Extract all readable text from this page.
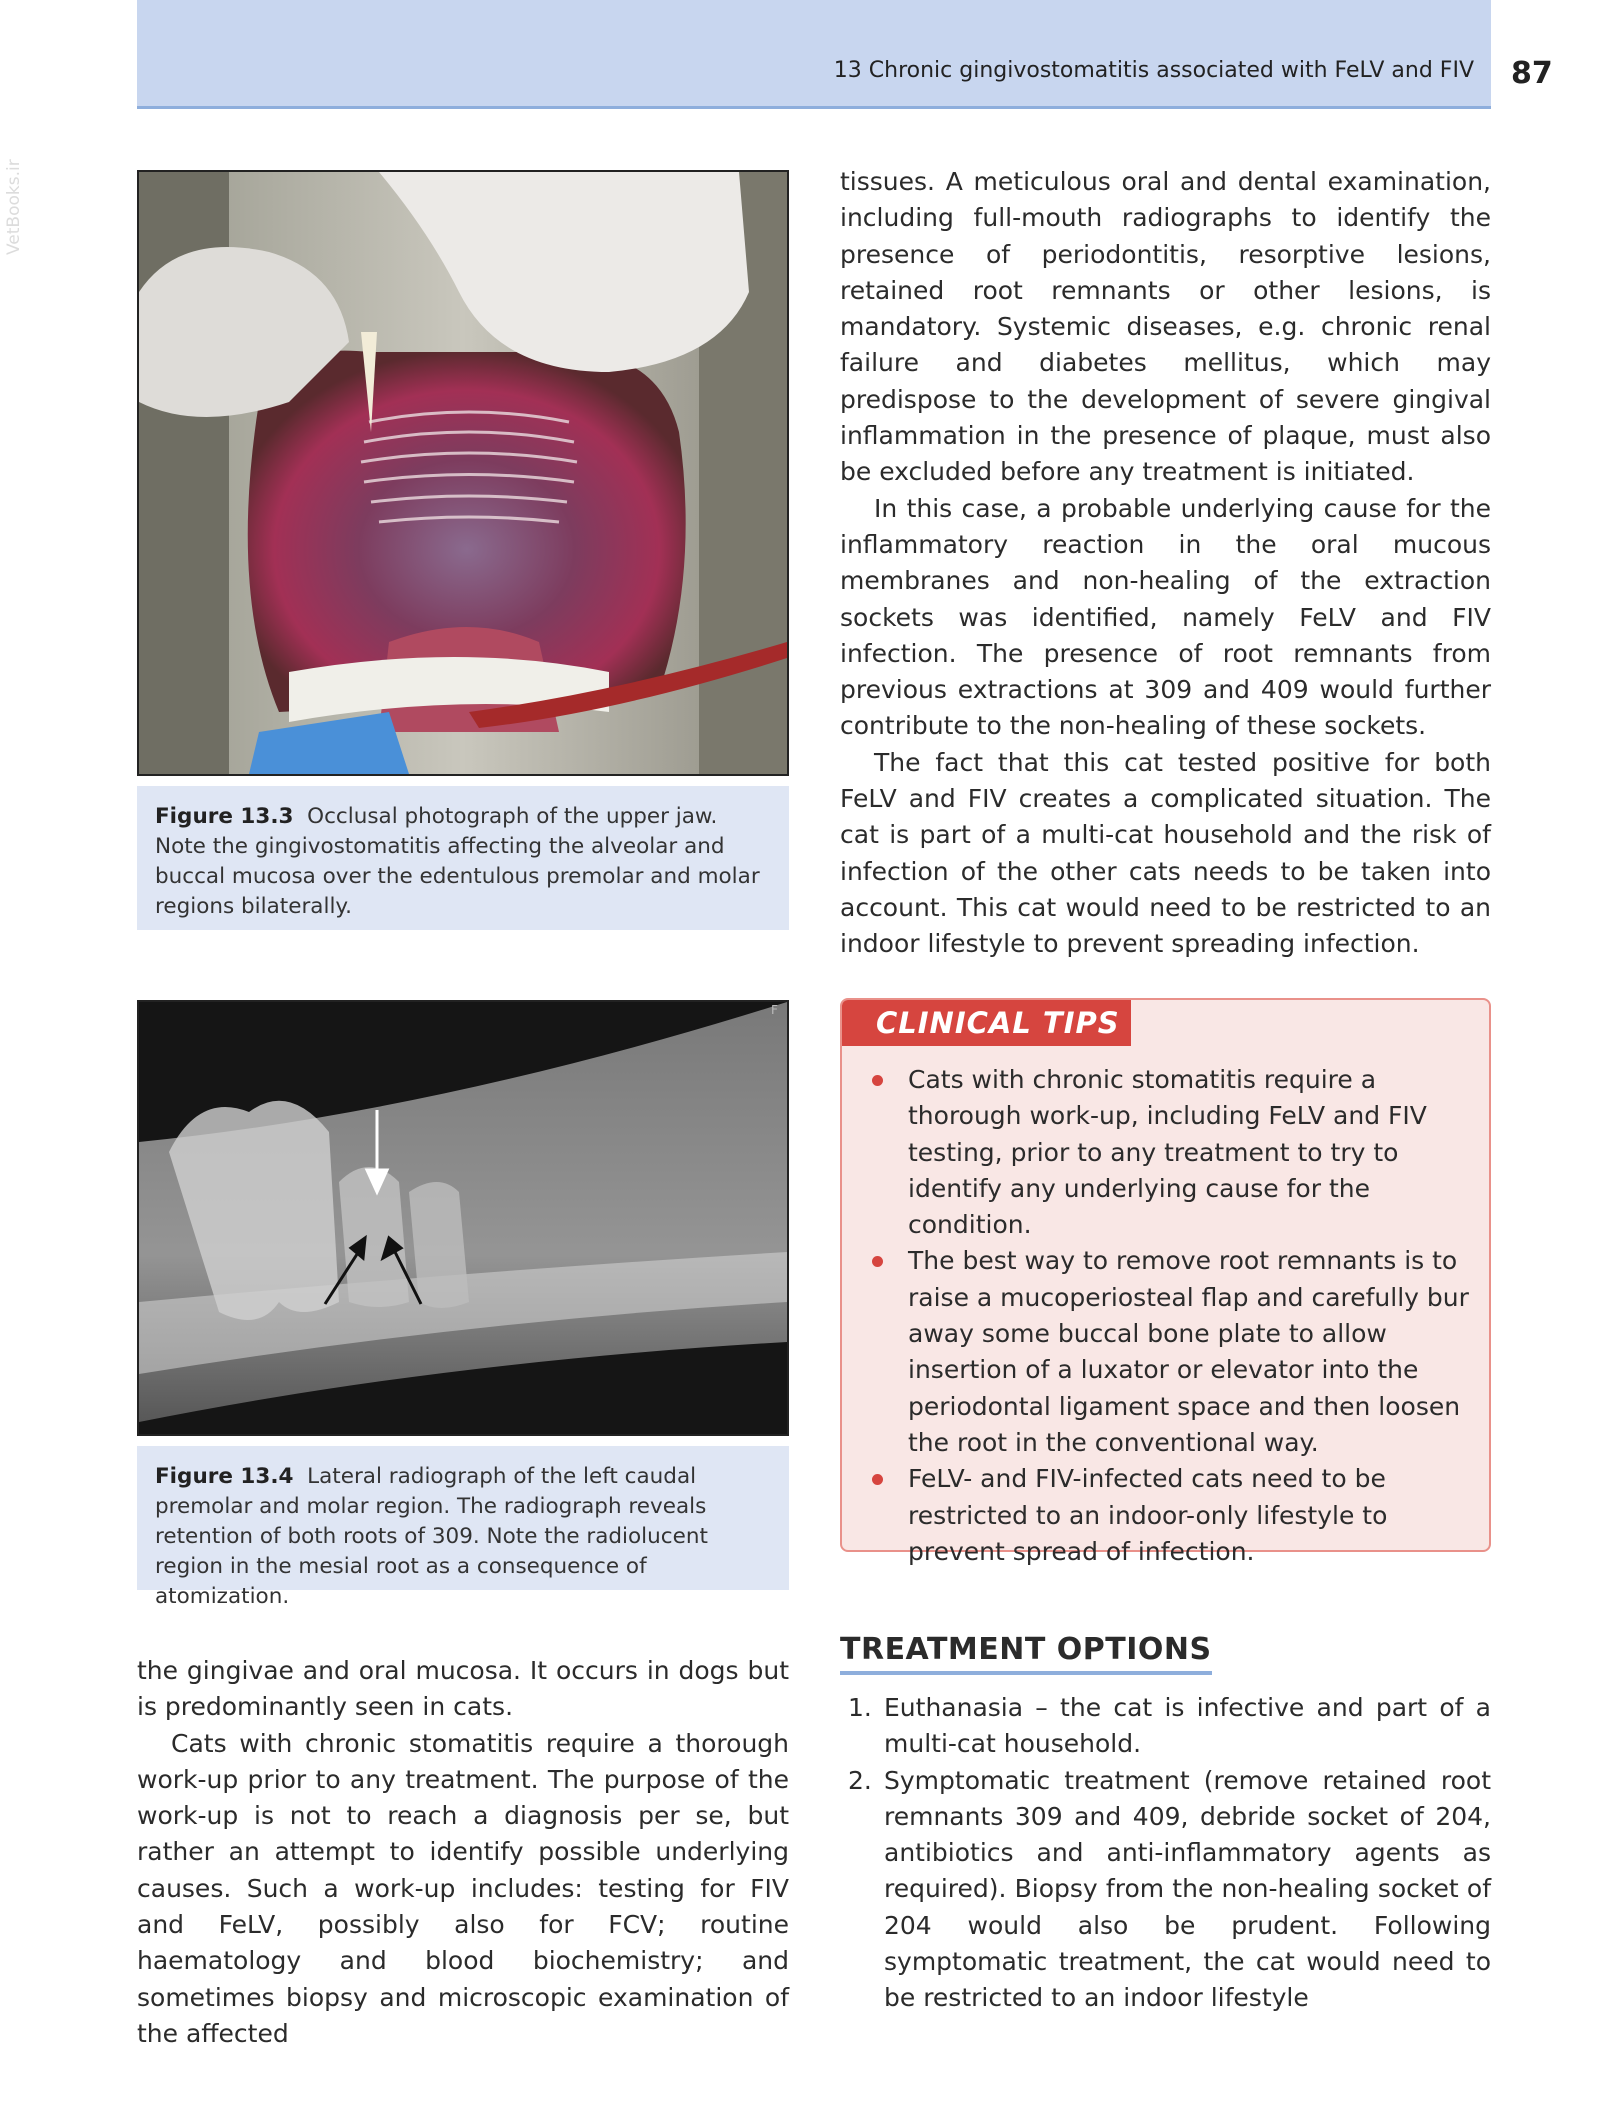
13 Chronic gingivostomatitis associated with FeLV and FIV 87
VetBooks.ir
Figure 13.3 Occlusal photograph of the upper jaw. Note the gingivostomatitis affecting the alveolar and buccal mucosa over the edentulous premolar and molar regions bilaterally.
F
Figure 13.4 Lateral radiograph of the left caudal premolar and molar region. The radiograph reveals retention of both roots of 309. Note the radiolucent region in the mesial root as a consequence of atomization.

tissues. A meticulous oral and dental examination, including full-mouth radiographs to identify the presence of periodontitis, resorptive lesions, retained root remnants or other lesions, is mandatory. Systemic diseases, e.g. chronic renal failure and diabetes mellitus, which may predispose to the development of severe gingival inflammation in the presence of plaque, must also be excluded before any treatment is initiated.

In this case, a probable underlying cause for the inflammatory reaction in the oral mucous membranes and non-healing of the extraction sockets was identified, namely FeLV and FIV infection. The presence of root remnants from previous extractions at 309 and 409 would further contribute to the non-healing of these sockets.

The fact that this cat tested positive for both FeLV and FIV creates a complicated situation. The cat is part of a multi-cat household and the risk of infection of the other cats needs to be taken into account. This cat would need to be restricted to an indoor lifestyle to prevent spreading infection.

CLINICAL TIPS
Cats with chronic stomatitis require a thorough work-up, including FeLV and FIV testing, prior to any treatment to try to identify any underlying cause for the condition.
The best way to remove root remnants is to raise a mucoperiosteal flap and carefully bur away some buccal bone plate to allow insertion of a luxator or elevator into the periodontal ligament space and then loosen the root in the conventional way.
FeLV- and FIV-infected cats need to be restricted to an indoor-only lifestyle to prevent spread of infection.

the gingivae and oral mucosa. It occurs in dogs but is predominantly seen in cats.

Cats with chronic stomatitis require a thorough work-up prior to any treatment. The purpose of the work-up is not to reach a diagnosis per se, but rather an attempt to identify possible underlying causes. Such a work-up includes: testing for FIV and FeLV, possibly also for FCV; routine haematology and blood biochemistry; and sometimes biopsy and microscopic examination of the affected

TREATMENT OPTIONS
1. Euthanasia – the cat is infective and part of a multi-cat household.
2. Symptomatic treatment (remove retained root remnants 309 and 409, debride socket of 204, antibiotics and anti-inflammatory agents as required). Biopsy from the non-healing socket of 204 would also be prudent. Following symptomatic treatment, the cat would need to be restricted to an indoor lifestyle
